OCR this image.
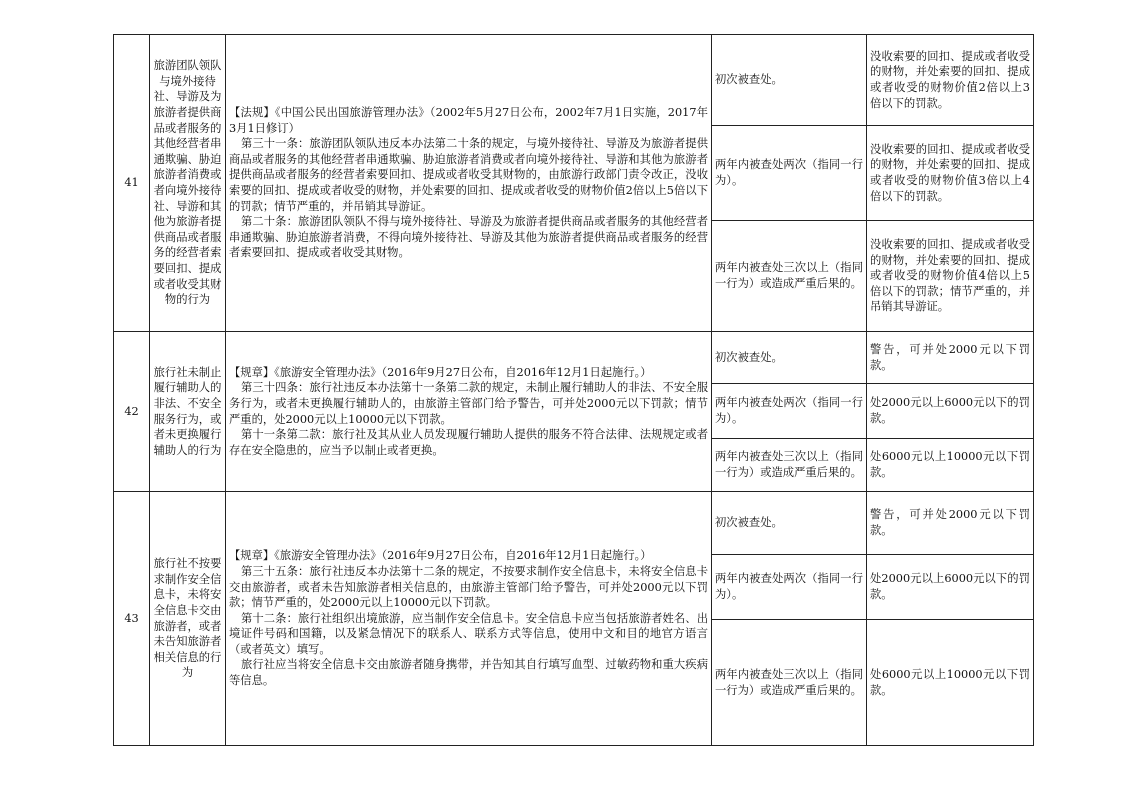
41	旅游团队领队与境外接待社、导游及为旅游者提供商品或者服务的其他经营者串通欺骗、胁迫旅游者消费或者向境外接待社、导游和其他为旅游者提供商品或者服务的经营者索要回扣、提成或者收受其财物的行为	【法规】《中国公民出国旅游管理办法》（2002年5月27日公布，2002年7月1日实施，2017年3月1日修订）

第三十一条：旅游团队领队违反本办法第二十条的规定，与境外接待社、导游及为旅游者提供商品或者服务的其他经营者串通欺骗、胁迫旅游者消费或者向境外接待社、导游和其他为旅游者提供商品或者服务的经营者索要回扣、提成或者收受其财物的，由旅游行政部门责令改正，没收索要的回扣、提成或者收受的财物，并处索要的回扣、提成或者收受的财物价值2倍以上5倍以下的罚款；情节严重的，并吊销其导游证。

第二十条：旅游团队领队不得与境外接待社、导游及为旅游者提供商品或者服务的其他经营者串通欺骗、胁迫旅游者消费，不得向境外接待社、导游及其他为旅游者提供商品或者服务的经营者索要回扣、提成或者收受其财物。	初次被查处。	没收索要的回扣、提成或者收受的财物，并处索要的回扣、提成或者收受的财物价值2倍以上3倍以下的罚款。
			两年内被查处两次（指同一行为）。	没收索要的回扣、提成或者收受的财物，并处索要的回扣、提成或者收受的财物价值3倍以上4倍以下的罚款。
			两年内被查处三次以上（指同一行为）或造成严重后果的。	没收索要的回扣、提成或者收受的财物，并处索要的回扣、提成或者收受的财物价值4倍以上5倍以下的罚款；情节严重的，并吊销其导游证。
42	旅行社未制止履行辅助人的非法、不安全服务行为，或者未更换履行辅助人的行为	【规章】《旅游安全管理办法》（2016年9月27日公布，自2016年12月1日起施行。）

第三十四条：旅行社违反本办法第十一条第二款的规定，未制止履行辅助人的非法、不安全服务行为，或者未更换履行辅助人的，由旅游主管部门给予警告，可并处2000元以下罚款；情节严重的，处2000元以上10000元以下罚款。

第十一条第二款：旅行社及其从业人员发现履行辅助人提供的服务不符合法律、法规规定或者存在安全隐患的，应当予以制止或者更换。	初次被查处。	警告，可并处2000元以下罚款。
			两年内被查处两次（指同一行为）。	处2000元以上6000元以下的罚款。
			两年内被查处三次以上（指同一行为）或造成严重后果的。	处6000元以上10000元以下罚款。
43	旅行社不按要求制作安全信息卡，未将安全信息卡交由旅游者，或者未告知旅游者相关信息的行为	【规章】《旅游安全管理办法》（2016年9月27日公布，自2016年12月1日起施行。）

第三十五条：旅行社违反本办法第十二条的规定，不按要求制作安全信息卡，未将安全信息卡交由旅游者，或者未告知旅游者相关信息的，由旅游主管部门给予警告，可并处2000元以下罚款；情节严重的，处2000元以上10000元以下罚款。

第十二条：旅行社组织出境旅游，应当制作安全信息卡。安全信息卡应当包括旅游者姓名、出境证件号码和国籍，以及紧急情况下的联系人、联系方式等信息，使用中文和目的地官方语言（或者英文）填写。

旅行社应当将安全信息卡交由旅游者随身携带，并告知其自行填写血型、过敏药物和重大疾病等信息。	初次被查处。	警告，可并处2000元以下罚款。
			两年内被查处两次（指同一行为）。	处2000元以上6000元以下的罚款。
			两年内被查处三次以上（指同一行为）或造成严重后果的。	处6000元以上10000元以下罚款。
